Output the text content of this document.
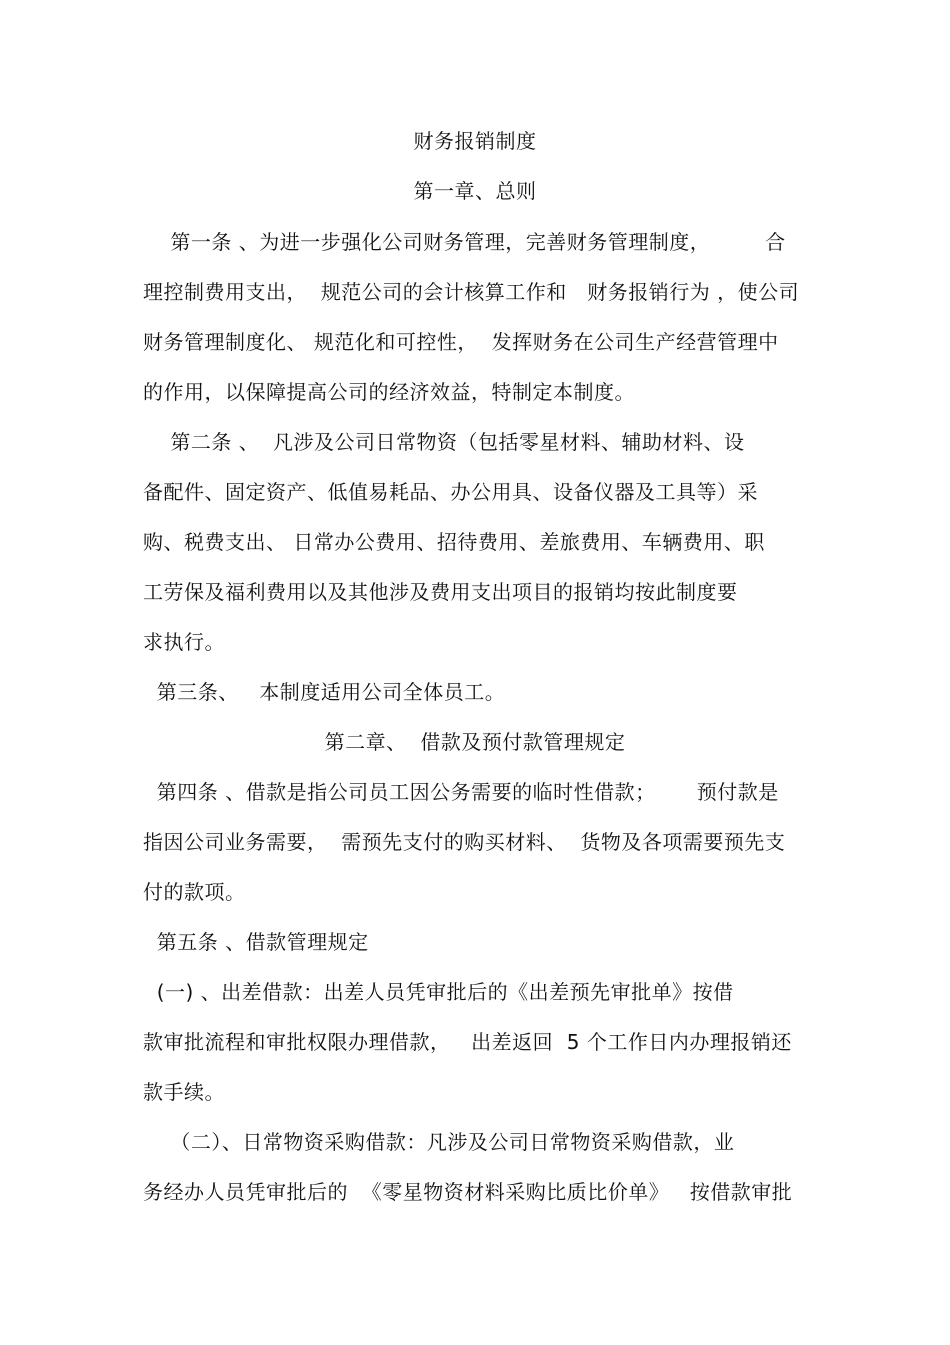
财务报销制度
第一章、总则
第一条 、为进一步强化公司财务管理，完善财务管理制度，        合
理控制费用支出，  规范公司的会计核算工作和   财务报销行为 ，使公司
财务管理制度化、 规范化和可控性，  发挥财务在公司生产经营管理中
的作用，以保障提高公司的经济效益，特制定本制度。
第二条 、  凡涉及公司日常物资（包括零星材料、辅助材料、设
备配件、固定资产、低值易耗品、办公用具、设备仪器及工具等）采
购、税费支出、 日常办公费用、招待费用、差旅费用、车辆费用、职
工劳保及福利费用以及其他涉及费用支出项目的报销均按此制度要
求执行。
第三条、   本制度适用公司全体员工。
第二章、  借款及预付款管理规定
第四条 、借款是指公司员工因公务需要的临时性借款；      预付款是
指因公司业务需要，  需预先支付的购买材料、  货物及各项需要预先支
付的款项。
第五条 、借款管理规定
(一) 、出差借款：出差人员凭审批后的《出差预先审批单》按借
款审批流程和审批权限办理借款，   出差返回  5 个工作日内办理报销还
款手续。
（二）、日常物资采购借款：凡涉及公司日常物资采购借款，业
务经办人员凭审批后的  《零星物资材料采购比质比价单》   按借款审批
